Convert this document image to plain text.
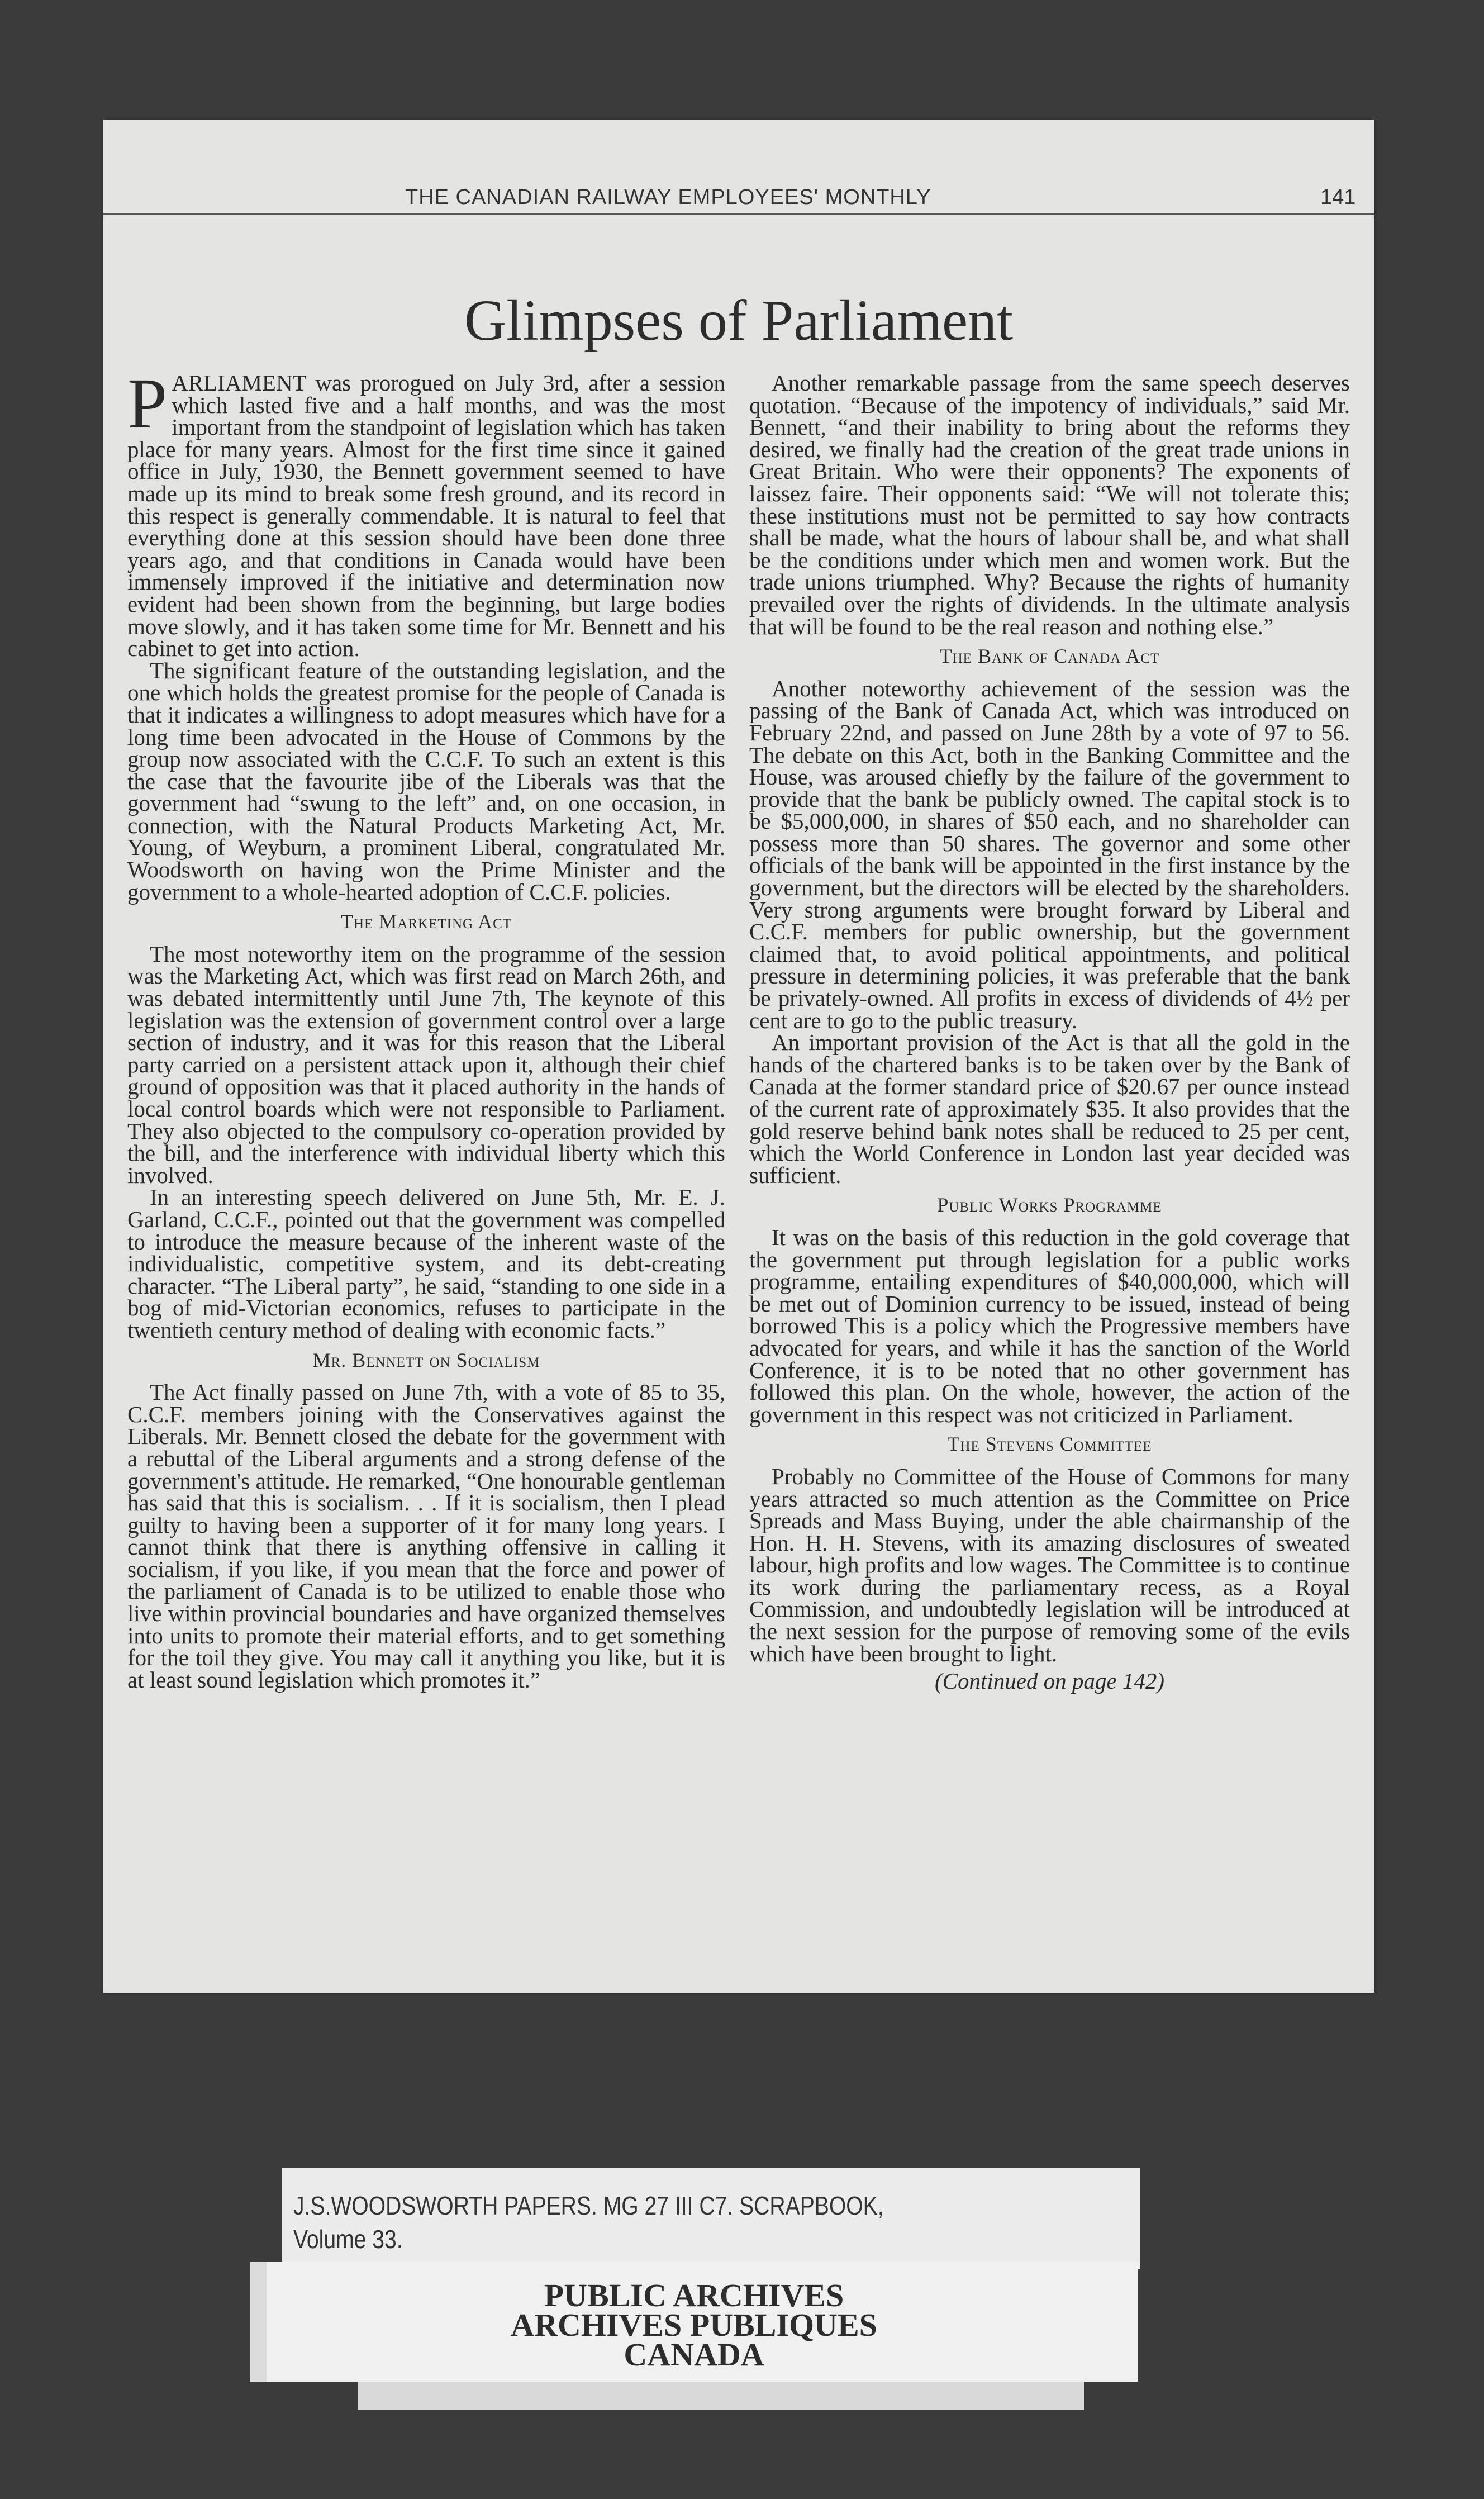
THE CANADIAN RAILWAY EMPLOYEES' MONTHLY	141
Glimpses of Parliament

PARLIAMENT was prorogued on July 3rd, after a session which lasted five and a half months, and was the most important from the standpoint of legislation which has taken place for many years. Almost for the first time since it gained office in July, 1930, the Bennett government seemed to have made up its mind to break some fresh ground, and its record in this respect is generally commendable. It is natural to feel that everything done at this session should have been done three years ago, and that conditions in Canada would have been immensely improved if the initiative and determination now evident had been shown from the beginning, but large bodies move slowly, and it has taken some time for Mr. Bennett and his cabinet to get into action.

The significant feature of the outstanding legislation, and the one which holds the greatest promise for the people of Canada is that it indicates a willingness to adopt measures which have for a long time been advocated in the House of Commons by the group now associated with the C.C.F. To such an extent is this the case that the favourite jibe of the Liberals was that the government had “swung to the left” and, on one occasion, in connection, with the Natural Products Marketing Act, Mr. Young, of Weyburn, a prominent Liberal, congratulated Mr. Woodsworth on having won the Prime Minister and the government to a whole-hearted adoption of C.C.F. policies.

The Marketing Act

The most noteworthy item on the programme of the session was the Marketing Act, which was first read on March 26th, and was debated intermittently until June 7th, The keynote of this legislation was the extension of government control over a large section of industry, and it was for this reason that the Liberal party carried on a persistent attack upon it, although their chief ground of opposition was that it placed authority in the hands of local control boards which were not responsible to Parliament. They also objected to the compulsory co-operation provided by the bill, and the interference with individual liberty which this involved.

In an interesting speech delivered on June 5th, Mr. E. J. Garland, C.C.F., pointed out that the government was compelled to introduce the measure because of the inherent waste of the individualistic, competitive system, and its debt-creating character. “The Liberal party”, he said, “standing to one side in a bog of mid-Victorian economics, refuses to participate in the twentieth century method of dealing with economic facts.”

Mr. Bennett on Socialism

The Act finally passed on June 7th, with a vote of 85 to 35, C.C.F. members joining with the Conservatives against the Liberals. Mr. Bennett closed the debate for the government with a rebuttal of the Liberal arguments and a strong defense of the government's attitude. He remarked, “One honourable gentleman has said that this is socialism. . . If it is socialism, then I plead guilty to having been a supporter of it for many long years. I cannot think that there is anything offensive in calling it socialism, if you like, if you mean that the force and power of the parliament of Canada is to be utilized to enable those who live within provincial boundaries and have organized themselves into units to promote their material efforts, and to get something for the toil they give. You may call it anything you like, but it is at least sound legislation which promotes it.”

Another remarkable passage from the same speech deserves quotation. “Because of the impotency of individuals,” said Mr. Bennett, “and their inability to bring about the reforms they desired, we finally had the creation of the great trade unions in Great Britain. Who were their opponents? The exponents of laissez faire. Their opponents said: “We will not tolerate this; these institutions must not be permitted to say how contracts shall be made, what the hours of labour shall be, and what shall be the conditions under which men and women work. But the trade unions triumphed. Why? Because the rights of humanity prevailed over the rights of dividends. In the ultimate analysis that will be found to be the real reason and nothing else.”

The Bank of Canada Act

Another noteworthy achievement of the session was the passing of the Bank of Canada Act, which was introduced on February 22nd, and passed on June 28th by a vote of 97 to 56. The debate on this Act, both in the Banking Committee and the House, was aroused chiefly by the failure of the government to provide that the bank be publicly owned. The capital stock is to be $5,000,000, in shares of $50 each, and no shareholder can possess more than 50 shares. The governor and some other officials of the bank will be appointed in the first instance by the government, but the directors will be elected by the shareholders. Very strong arguments were brought forward by Liberal and C.C.F. members for public ownership, but the government claimed that, to avoid political appointments, and political pressure in determining policies, it was preferable that the bank be privately-owned. All profits in excess of dividends of 4½ per cent are to go to the public treasury.

An important provision of the Act is that all the gold in the hands of the chartered banks is to be taken over by the Bank of Canada at the former standard price of $20.67 per ounce instead of the current rate of approximately $35. It also provides that the gold reserve behind bank notes shall be reduced to 25 per cent, which the World Conference in London last year decided was sufficient.

Public Works Programme

It was on the basis of this reduction in the gold coverage that the government put through legislation for a public works programme, entailing expenditures of $40,000,000, which will be met out of Dominion currency to be issued, instead of being borrowed This is a policy which the Progressive members have advocated for years, and while it has the sanction of the World Conference, it is to be noted that no other government has followed this plan. On the whole, however, the action of the government in this respect was not criticized in Parliament.

The Stevens Committee

Probably no Committee of the House of Commons for many years attracted so much attention as the Committee on Price Spreads and Mass Buying, under the able chairmanship of the Hon. H. H. Stevens, with its amazing disclosures of sweated labour, high profits and low wages. The Committee is to continue its work during the parliamentary recess, as a Royal Commission, and undoubtedly legislation will be introduced at the next session for the purpose of removing some of the evils which have been brought to light.

(Continued on page 142)
J.S.WOODSWORTH PAPERS. MG 27 III C7. SCRAPBOOK,
Volume 33.
PUBLIC ARCHIVES
ARCHIVES PUBLIQUES
CANADA
